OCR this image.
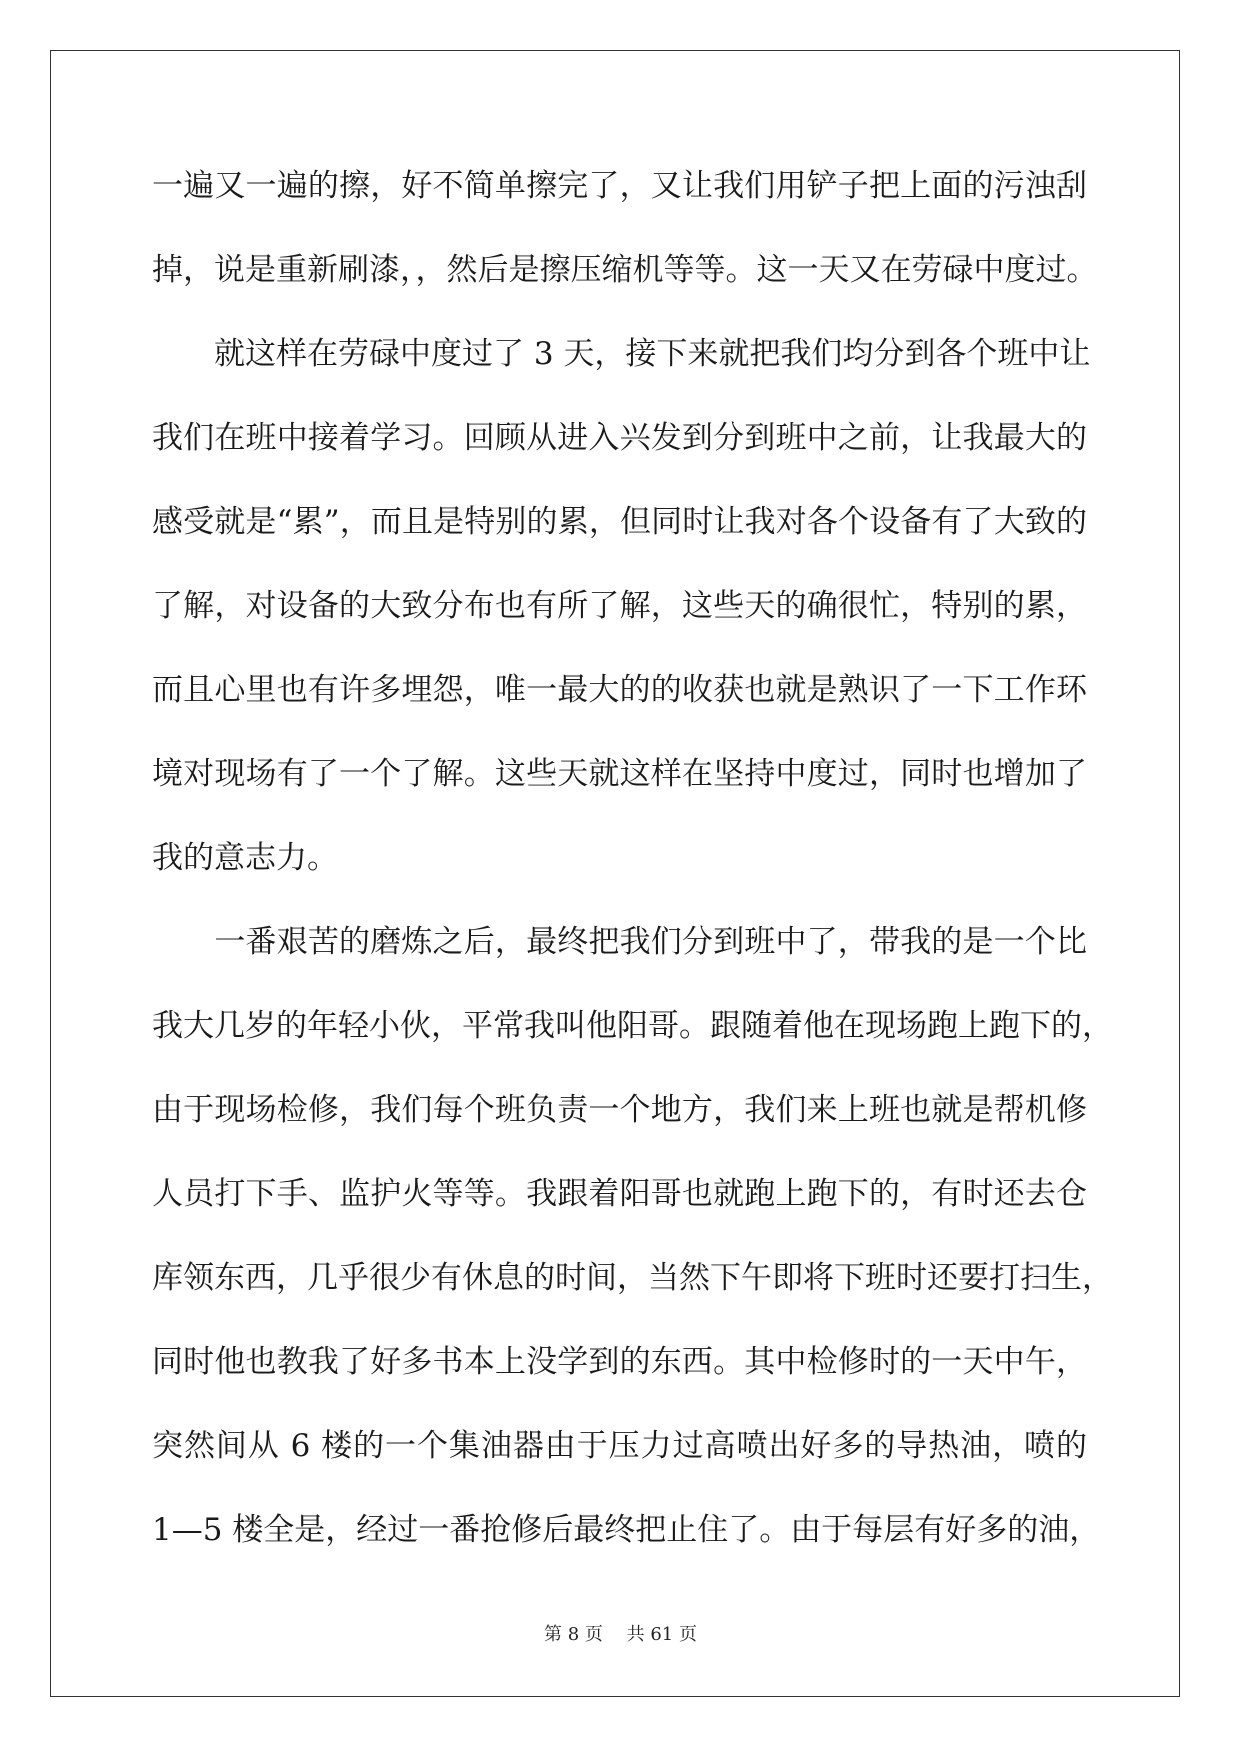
一遍又一遍的擦，好不简单擦完了，又让我们用铲子把上面的污浊刮
掉，说是重新刷漆，，然后是擦压缩机等等。这一天又在劳碌中度过。
　　就这样在劳碌中度过了 3 天，接下来就把我们均分到各个班中让
我们在班中接着学习。回顾从进入兴发到分到班中之前，让我最大的
感受就是“累”，而且是特别的累，但同时让我对各个设备有了大致的
了解，对设备的大致分布也有所了解，这些天的确很忙，特别的累，
而且心里也有许多埋怨，唯一最大的的收获也就是熟识了一下工作环
境对现场有了一个了解。这些天就这样在坚持中度过，同时也增加了
我的意志力。
　　一番艰苦的磨炼之后，最终把我们分到班中了，带我的是一个比
我大几岁的年轻小伙，平常我叫他阳哥。跟随着他在现场跑上跑下的，
由于现场检修，我们每个班负责一个地方，我们来上班也就是帮机修
人员打下手、监护火等等。我跟着阳哥也就跑上跑下的，有时还去仓
库领东西，几乎很少有休息的时间，当然下午即将下班时还要打扫生，
同时他也教我了好多书本上没学到的东西。其中检修时的一天中午，
突然间从 6 楼的一个集油器由于压力过高喷出好多的导热油，喷的
1—5 楼全是，经过一番抢修后最终把止住了。由于每层有好多的油，
第 8 页　 共 61 页
